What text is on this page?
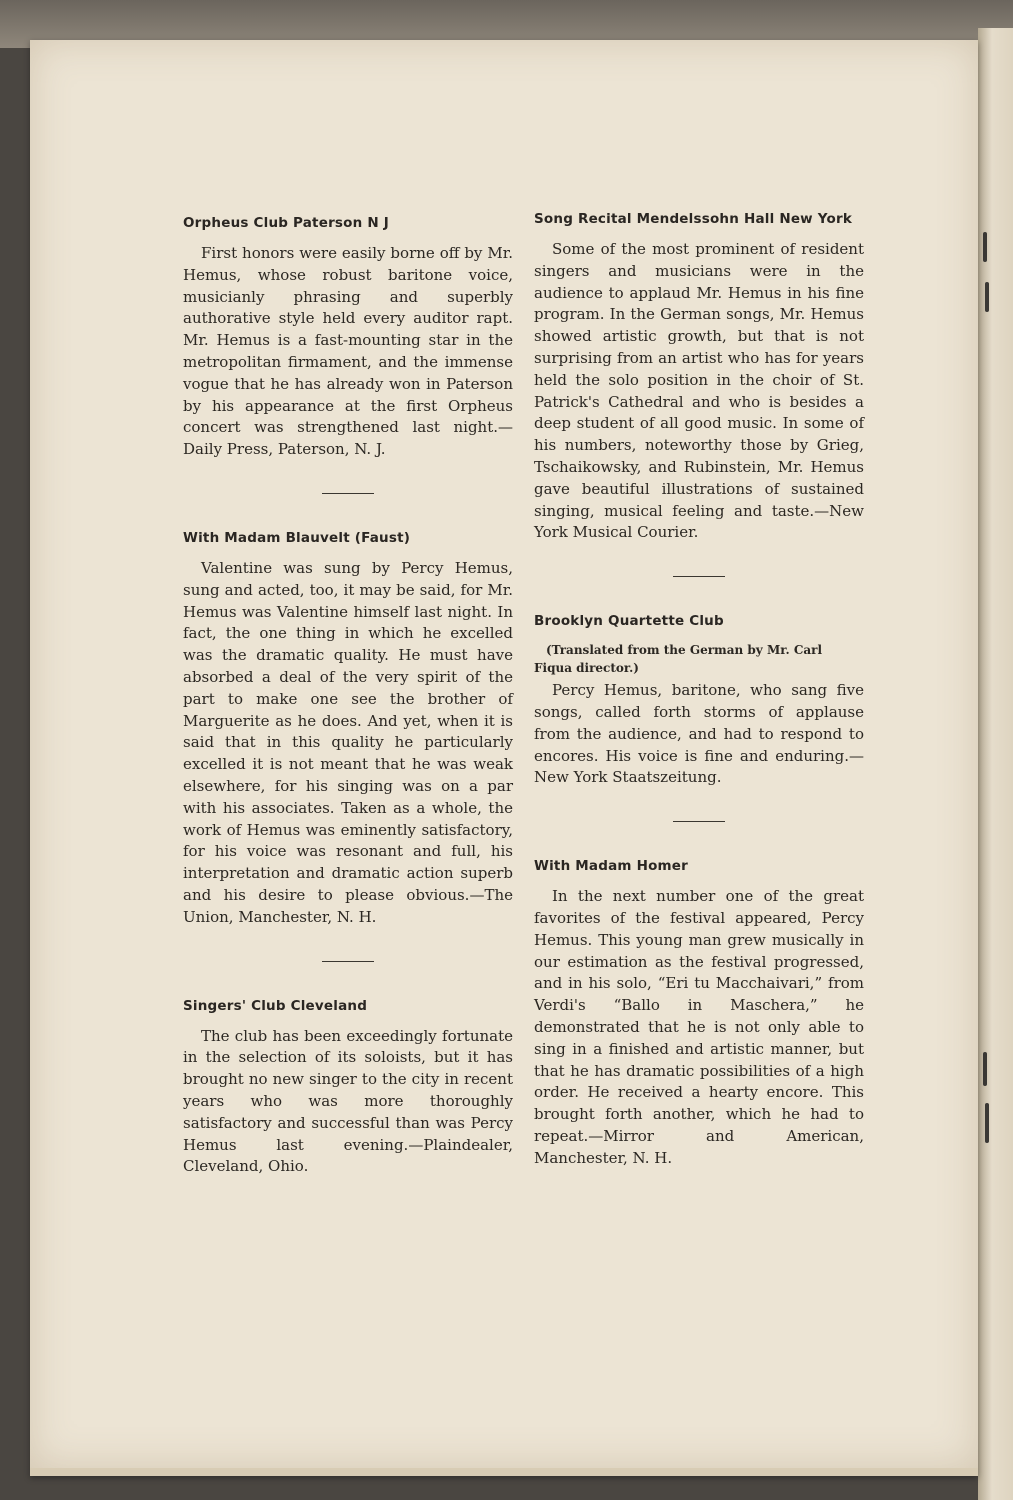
Orpheus Club Paterson N J

First honors were easily borne off by Mr. Hemus, whose robust baritone voice, musicianly phrasing and superbly authorative style held every auditor rapt. Mr. Hemus is a fast-mounting star in the metropolitan firmament, and the immense vogue that he has already won in Paterson by his appearance at the first Orpheus concert was strengthened last night.—Daily Press, Paterson, N. J.

With Madam Blauvelt (Faust)

Valentine was sung by Percy Hemus, sung and acted, too, it may be said, for Mr. Hemus was Valentine himself last night. In fact, the one thing in which he excelled was the dramatic quality. He must have absorbed a deal of the very spirit of the part to make one see the brother of Marguerite as he does. And yet, when it is said that in this quality he particularly excelled it is not meant that he was weak elsewhere, for his singing was on a par with his associates. Taken as a whole, the work of Hemus was eminently satisfactory, for his voice was resonant and full, his interpretation and dramatic action superb and his desire to please obvious.—The Union, Manchester, N. H.

Singers' Club Cleveland

The club has been exceedingly fortunate in the selection of its soloists, but it has brought no new singer to the city in recent years who was more thoroughly satisfactory and successful than was Percy Hemus last evening.—Plaindealer, Cleveland, Ohio.

Song Recital Mendelssohn Hall New York

Some of the most prominent of resident singers and musicians were in the audience to applaud Mr. Hemus in his fine program. In the German songs, Mr. Hemus showed artistic growth, but that is not surprising from an artist who has for years held the solo position in the choir of St. Patrick's Cathedral and who is besides a deep student of all good music. In some of his numbers, noteworthy those by Grieg, Tschaikowsky, and Rubinstein, Mr. Hemus gave beautiful illustrations of sustained singing, musical feeling and taste.—New York Musical Courier.

Brooklyn Quartette Club

(Translated from the German by Mr. Carl Fiqua director.)

Percy Hemus, baritone, who sang five songs, called forth storms of applause from the audience, and had to respond to encores. His voice is fine and enduring.—New York Staatszeitung.

With Madam Homer

In the next number one of the great favorites of the festival appeared, Percy Hemus. This young man grew musically in our estimation as the festival progressed, and in his solo, “Eri tu Macchaivari,” from Verdi's “Ballo in Maschera,” he demonstrated that he is not only able to sing in a finished and artistic manner, but that he has dramatic possibilities of a high order. He received a hearty encore. This brought forth another, which he had to repeat.—Mirror and American, Manchester, N. H.
